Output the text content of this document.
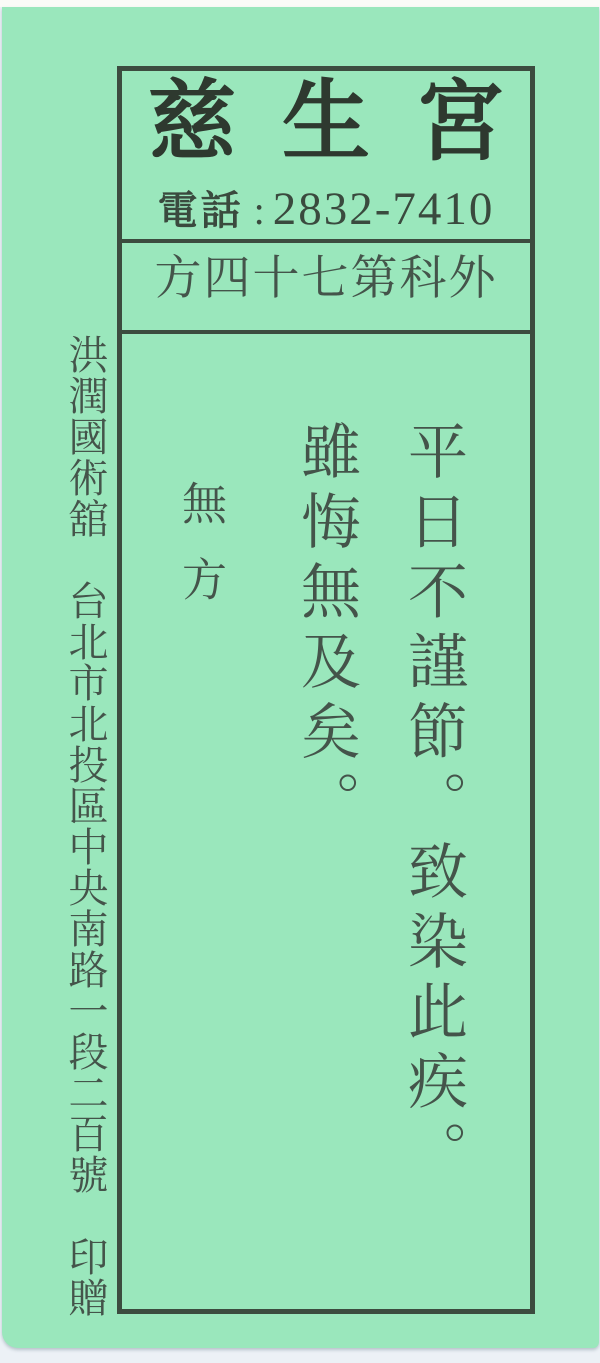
慈生宮
電話 : 2832-7410
方四十七第科外
平日不謹節。致染此疾。
雖悔無及矣。
無方
洪潤國術舘　台北市北投區中央南路一段二百號　印贈
